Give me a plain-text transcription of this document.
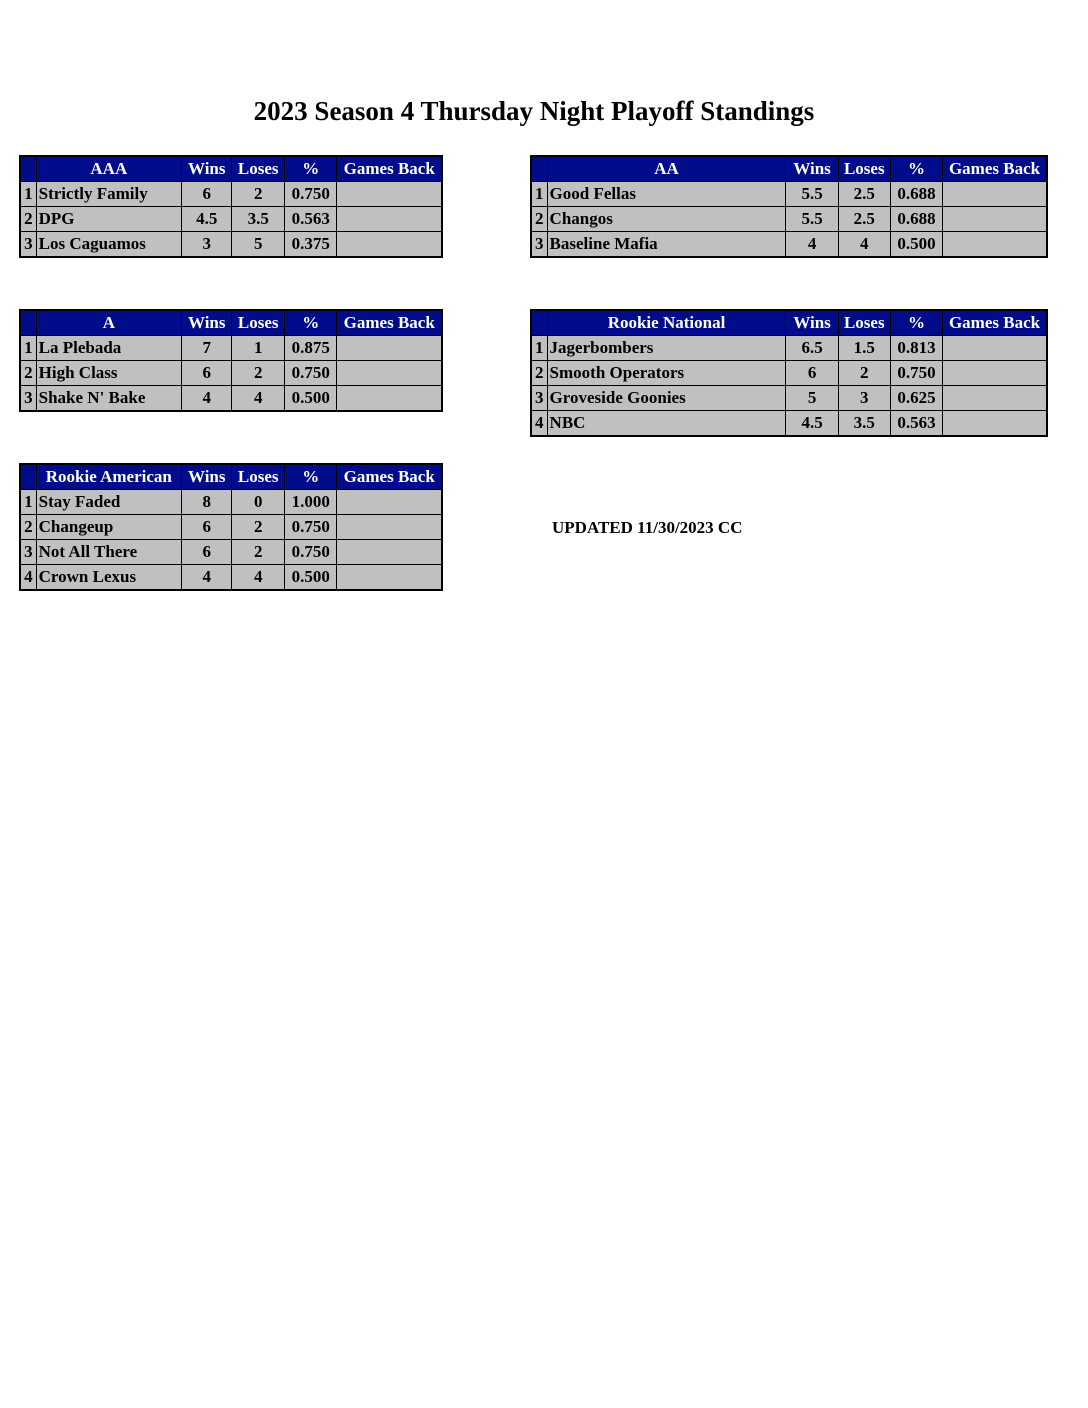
2023 Season 4 Thursday Night Playoff Standings
	AAA	Wins	Loses	%	Games Back
1	Strictly Family	6	2	0.750	
2	DPG	4.5	3.5	0.563	
3	Los Caguamos	3	5	0.375	
	AA	Wins	Loses	%	Games Back
1	Good Fellas	5.5	2.5	0.688	
2	Changos	5.5	2.5	0.688	
3	Baseline Mafia	4	4	0.500	
	A	Wins	Loses	%	Games Back
1	La Plebada	7	1	0.875	
2	High Class	6	2	0.750	
3	Shake N' Bake	4	4	0.500	
	Rookie National	Wins	Loses	%	Games Back
1	Jagerbombers	6.5	1.5	0.813	
2	Smooth Operators	6	2	0.750	
3	Groveside Goonies	5	3	0.625	
4	NBC	4.5	3.5	0.563	
	Rookie American	Wins	Loses	%	Games Back
1	Stay Faded	8	0	1.000	
2	Changeup	6	2	0.750	
3	Not All There	6	2	0.750	
4	Crown Lexus	4	4	0.500	
UPDATED 11/30/2023 CC
